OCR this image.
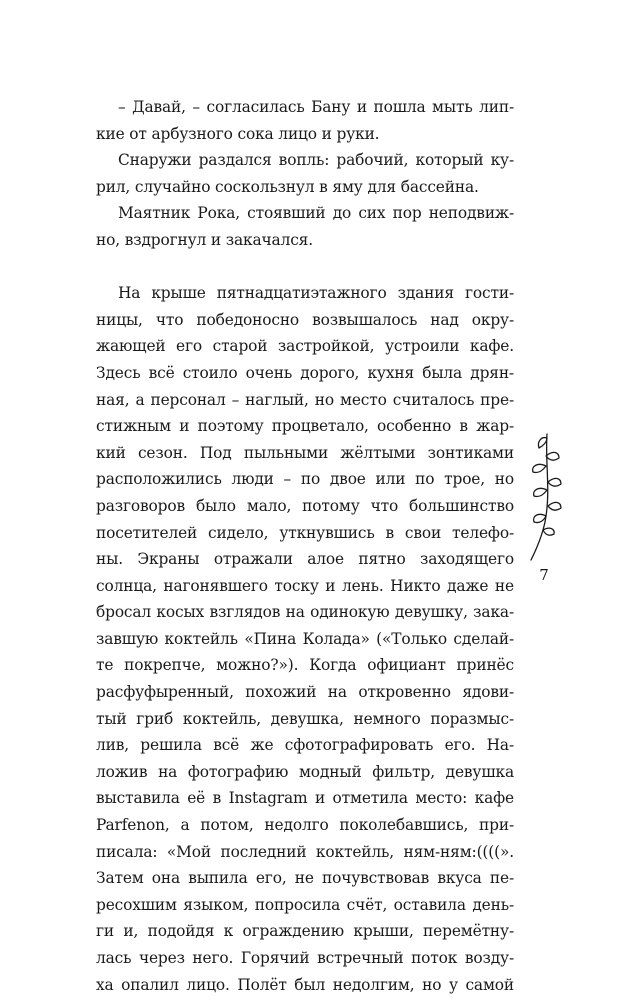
– Давай, – согласилась Бану и пошла мыть лип-
кие от арбузного сока лицо и руки.
Снаружи раздался вопль: рабочий, который ку-
рил, случайно соскользнул в яму для бассейна.
Маятник Рока, стоявший до сих пор неподвиж-
но, вздрогнул и закачался.
На крыше пятнадцатиэтажного здания гости-
ницы, что победоносно возвышалось над окру-
жающей его старой застройкой, устроили кафе.
Здесь всё стоило очень дорого, кухня была дрян-
ная, а персонал – наглый, но место считалось пре-
стижным и поэтому процветало, особенно в жар-
кий сезон. Под пыльными жёлтыми зонтиками
расположились люди – по двое или по трое, но
разговоров было мало, потому что большинство
посетителей сидело, уткнувшись в свои телефо-
ны. Экраны отражали алое пятно заходящего
солнца, нагонявшего тоску и лень. Никто даже не
бросал косых взглядов на одинокую девушку, зака-
завшую коктейль «Пина Колада» («Только сделай-
те покрепче, можно?»). Когда официант принёс
расфуфыренный, похожий на откровенно ядови-
тый гриб коктейль, девушка, немного поразмыс-
лив, решила всё же сфотографировать его. На-
ложив на фотографию модный фильтр, девушка
выставила её в Instagram и отметила место: кафе
Parfenon, а потом, недолго поколебавшись, при-
писала: «Мой последний коктейль, ням-ням:((((».
Затем она выпила его, не почувствовав вкуса пе-
ресохшим языком, попросила счёт, оставила день-
ги и, подойдя к ограждению крыши, перемётну-
лась через него. Горячий встречный поток возду-
ха опалил лицо. Полёт был недолгим, но у самой
7
